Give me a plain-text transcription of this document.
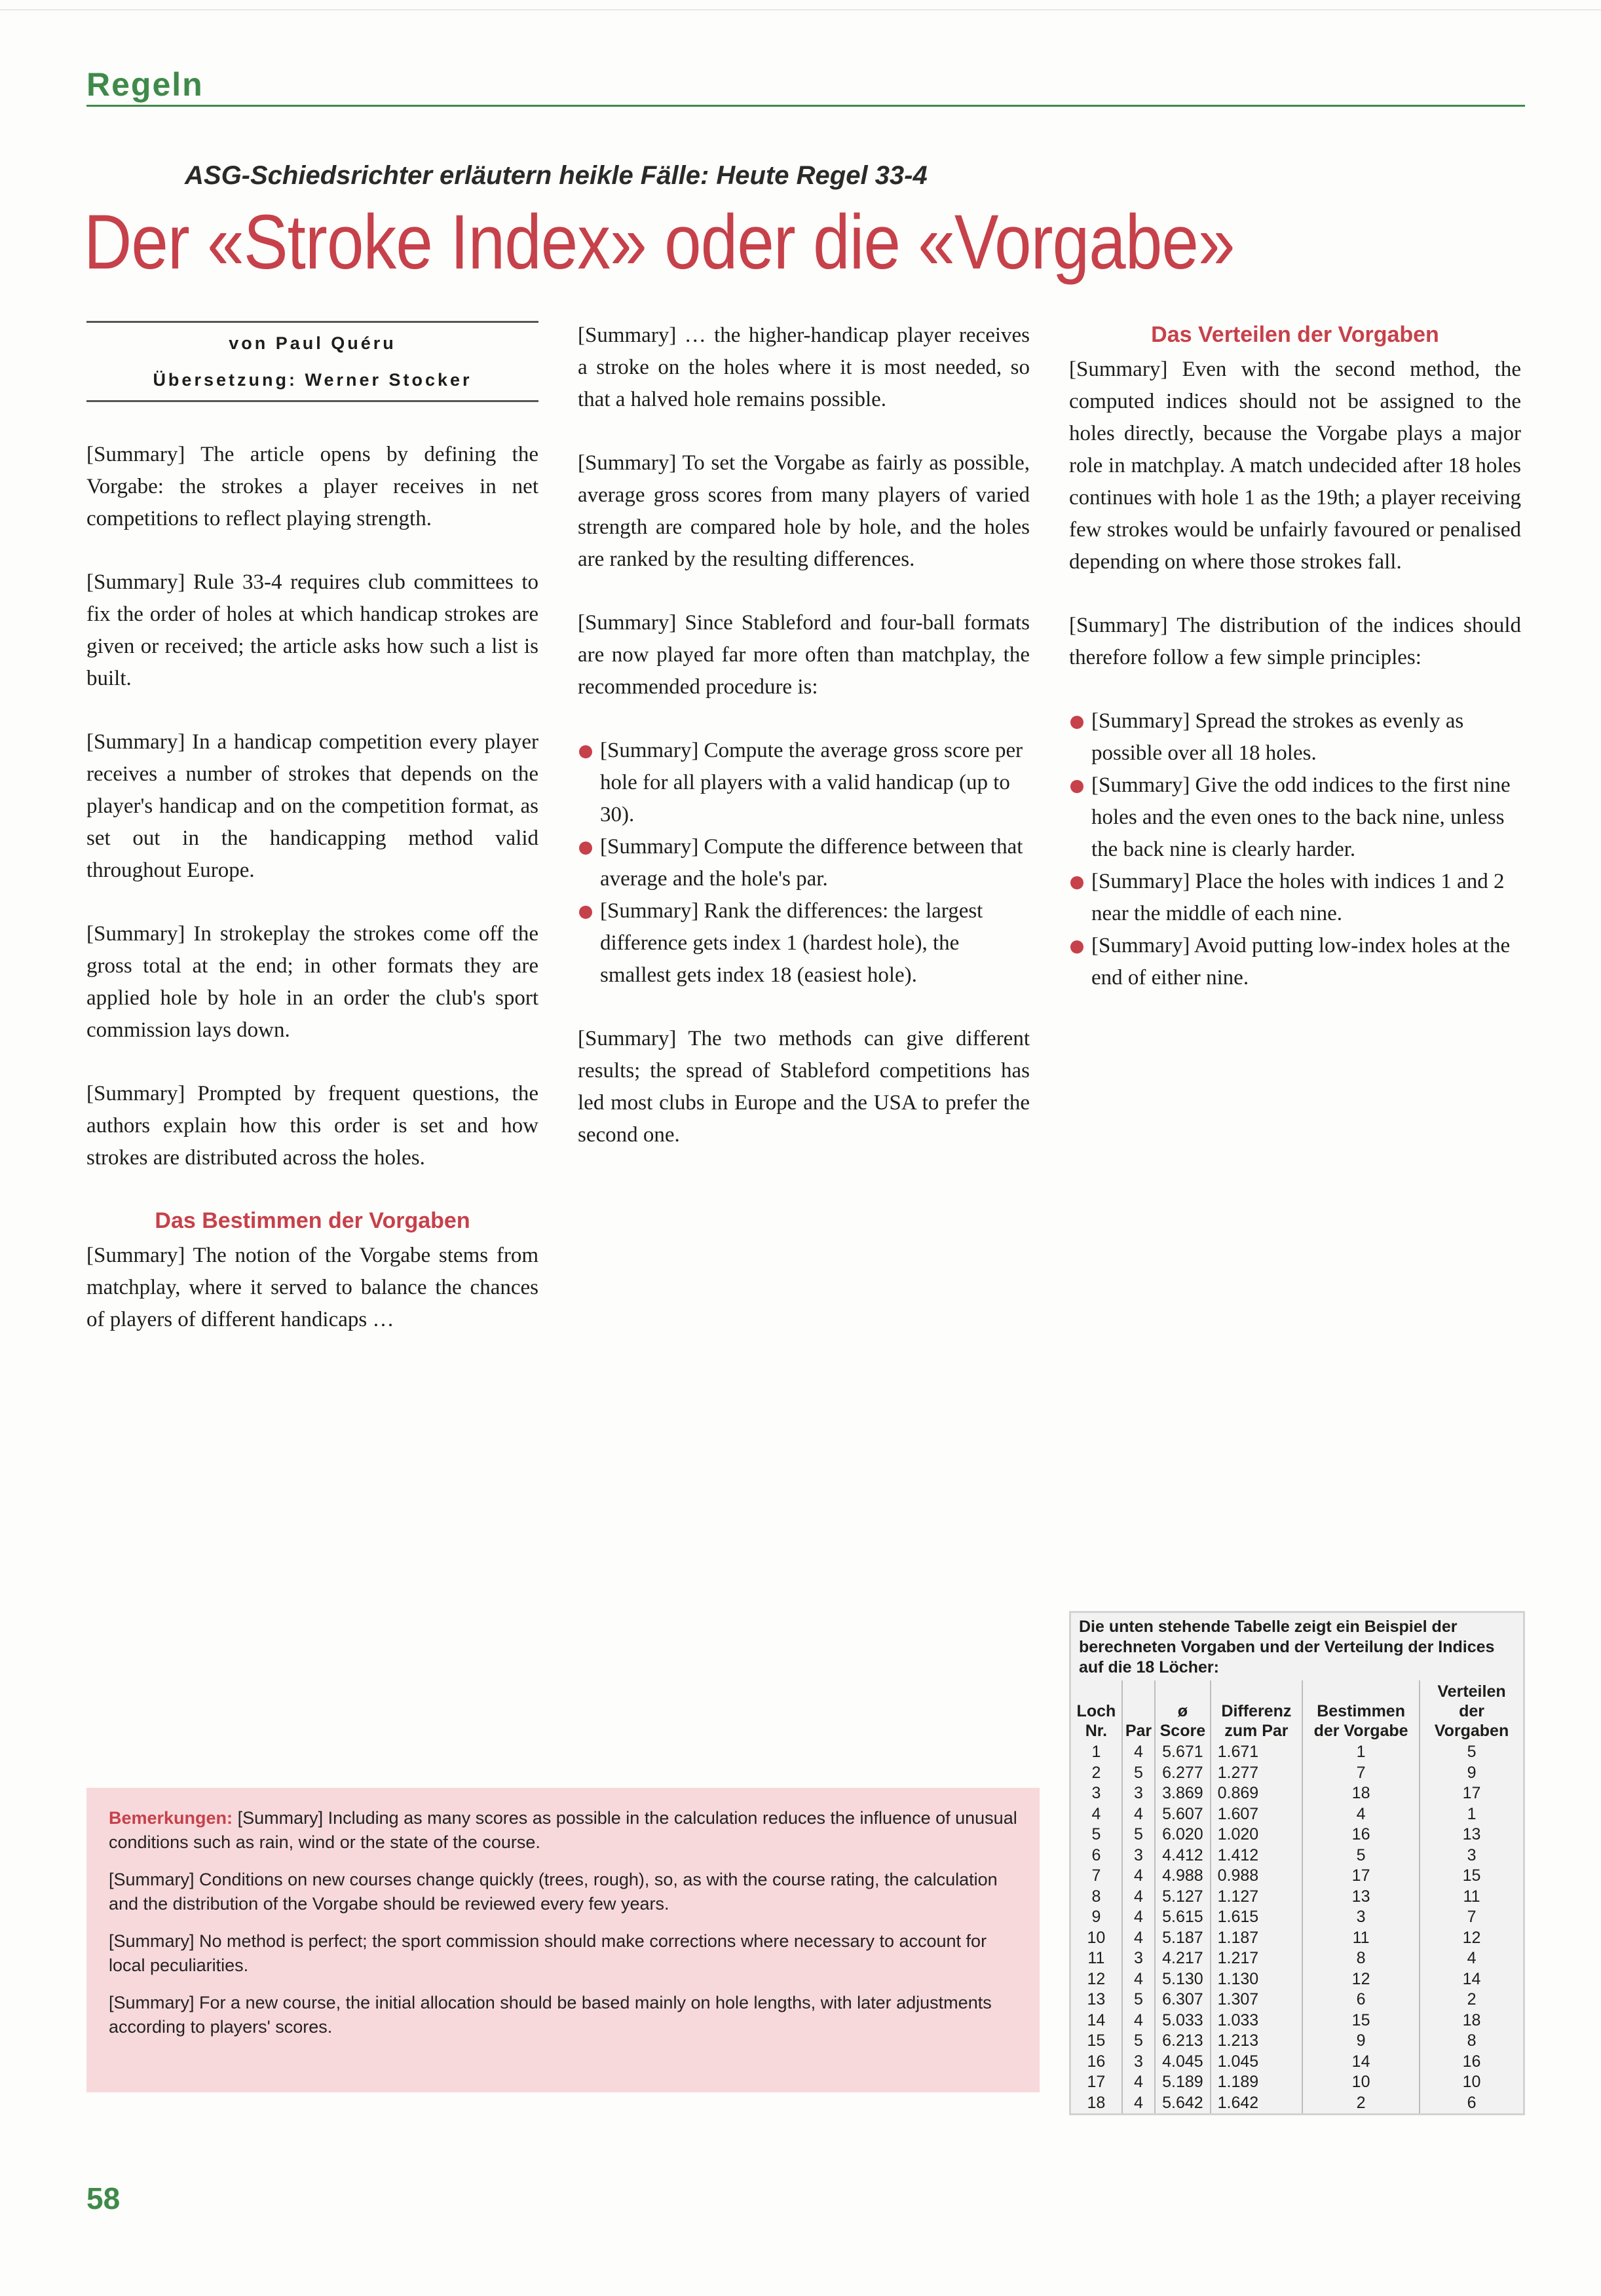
Regeln
ASG-Schiedsrichter erläutern heikle Fälle: Heute Regel 33-4
Der «Stroke Index» oder die «Vorgabe»
von Paul Quéru
Übersetzung: Werner Stocker

[Summary] The article opens by defining the Vorgabe: the strokes a player receives in net competitions to reflect playing strength.

[Summary] Rule 33-4 requires club committees to fix the order of holes at which handicap strokes are given or received; the article asks how such a list is built.

[Summary] In a handicap competition every player receives a number of strokes that depends on the player's handicap and on the competition format, as set out in the handicapping method valid throughout Europe.

[Summary] In strokeplay the strokes come off the gross total at the end; in other formats they are applied hole by hole in an order the club's sport commission lays down.

[Summary] Prompted by frequent questions, the authors explain how this order is set and how strokes are distributed across the holes.

Das Bestimmen der Vorgaben

[Summary] The notion of the Vorgabe stems from matchplay, where it served to balance the chances of players of different handicaps …

[Summary] … the higher-handicap player receives a stroke on the holes where it is most needed, so that a halved hole remains possible.

[Summary] To set the Vorgabe as fairly as possible, average gross scores from many players of varied strength are compared hole by hole, and the holes are ranked by the resulting differences.

[Summary] Since Stableford and four-ball formats are now played far more often than matchplay, the recommended procedure is:

[Summary] Compute the average gross score per hole for all players with a valid handicap (up to 30).
[Summary] Compute the difference between that average and the hole's par.
[Summary] Rank the differences: the largest difference gets index 1 (hardest hole), the smallest gets index 18 (easiest hole).

[Summary] The two methods can give different results; the spread of Stableford competitions has led most clubs in Europe and the USA to prefer the second one.

Das Verteilen der Vorgaben

[Summary] Even with the second method, the computed indices should not be assigned to the holes directly, because the Vorgabe plays a major role in matchplay. A match undecided after 18 holes continues with hole 1 as the 19th; a player receiving few strokes would be unfairly favoured or penalised depending on where those strokes fall.

[Summary] The distribution of the indices should therefore follow a few simple principles:

[Summary] Spread the strokes as evenly as possible over all 18 holes.
[Summary] Give the odd indices to the first nine holes and the even ones to the back nine, unless the back nine is clearly harder.
[Summary] Place the holes with indices 1 and 2 near the middle of each nine.
[Summary] Avoid putting low-index holes at the end of either nine.

Bemerkungen: [Summary] Including as many scores as possible in the calculation reduces the influence of unusual conditions such as rain, wind or the state of the course.

[Summary] Conditions on new courses change quickly (trees, rough), so, as with the course rating, the calculation and the distribution of the Vorgabe should be reviewed every few years.

[Summary] No method is perfect; the sport commission should make corrections where necessary to account for local peculiarities.

[Summary] For a new course, the initial allocation should be based mainly on hole lengths, with later adjustments according to players' scores.

Die unten stehende Tabelle zeigt ein Beispiel der berechneten Vorgaben und der Verteilung der Indices auf die 18 Löcher:
Loch Nr.	Par	ø Score	Differenz zum Par	Bestimmen der Vorgabe	Verteilen der Vorgaben
1	4	5.671	1.671	1	5
2	5	6.277	1.277	7	9
3	3	3.869	0.869	18	17
4	4	5.607	1.607	4	1
5	5	6.020	1.020	16	13
6	3	4.412	1.412	5	3
7	4	4.988	0.988	17	15
8	4	5.127	1.127	13	11
9	4	5.615	1.615	3	7
10	4	5.187	1.187	11	12
11	3	4.217	1.217	8	4
12	4	5.130	1.130	12	14
13	5	6.307	1.307	6	2
14	4	5.033	1.033	15	18
15	5	6.213	1.213	9	8
16	3	4.045	1.045	14	16
17	4	5.189	1.189	10	10
18	4	5.642	1.642	2	6
58
